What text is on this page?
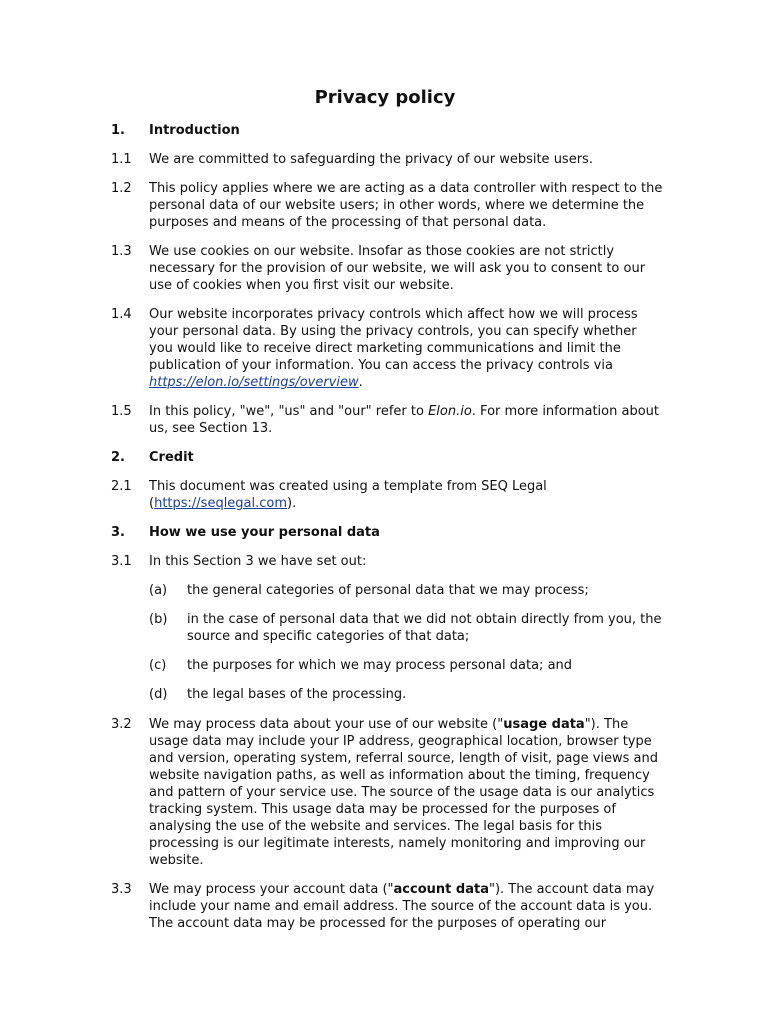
Privacy policy
1. Introduction
1.1 We are committed to safeguarding the privacy of our website users.
1.2 This policy applies where we are acting as a data controller with respect to the personal data of our website users; in other words, where we determine the purposes and means of the processing of that personal data.
1.3 We use cookies on our website. Insofar as those cookies are not strictly necessary for the provision of our website, we will ask you to consent to our use of cookies when you first visit our website.
1.4 Our website incorporates privacy controls which affect how we will process your personal data. By using the privacy controls, you can specify whether you would like to receive direct marketing communications and limit the publication of your information. You can access the privacy controls via https://elon.io/settings/overview.
1.5 In this policy, "we", "us" and "our" refer to Elon.io. For more information about us, see Section 13.
2. Credit
2.1 This document was created using a template from SEQ Legal (https://seqlegal.com).
3. How we use your personal data
3.1 In this Section 3 we have set out:
(a) the general categories of personal data that we may process;
(b) in the case of personal data that we did not obtain directly from you, the source and specific categories of that data;
(c) the purposes for which we may process personal data; and
(d) the legal bases of the processing.
3.2 We may process data about your use of our website ("usage data"). The usage data may include your IP address, geographical location, browser type and version, operating system, referral source, length of visit, page views and website navigation paths, as well as information about the timing, frequency and pattern of your service use. The source of the usage data is our analytics tracking system. This usage data may be processed for the purposes of analysing the use of the website and services. The legal basis for this processing is our legitimate interests, namely monitoring and improving our website.
3.3 We may process your account data ("account data"). The account data may include your name and email address. The source of the account data is you. The account data may be processed for the purposes of operating our
